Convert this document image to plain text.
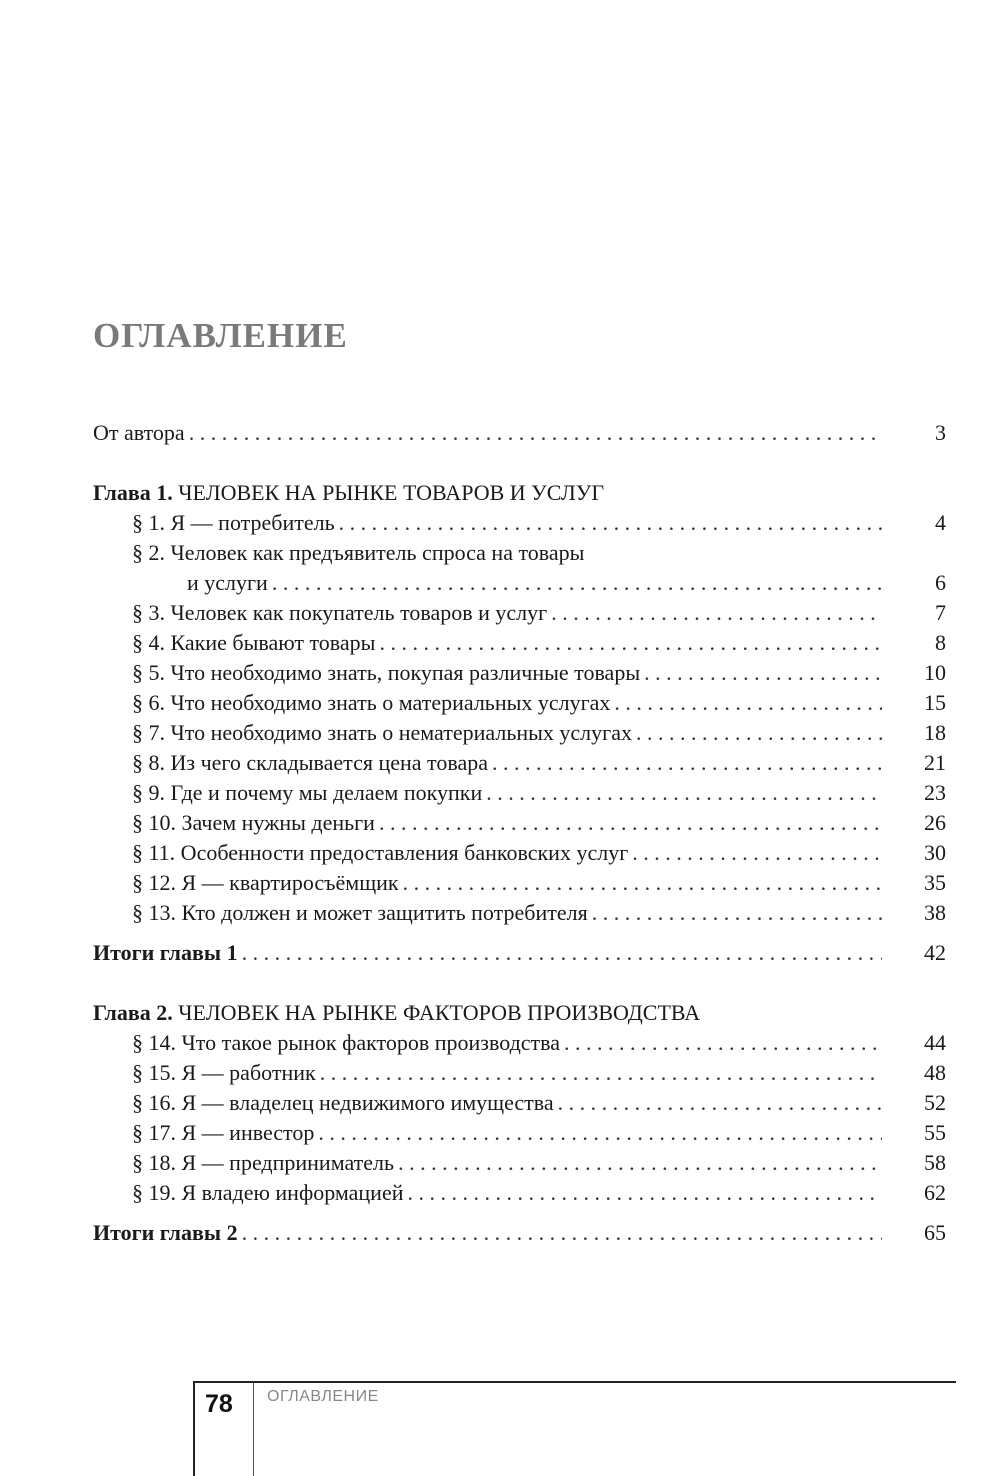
ОГЛАВЛЕНИЕ
От автора . . .	3
Глава 1. ЧЕЛОВЕК НА РЫНКЕ ТОВАРОВ И УСЛУГ
§ 1. Я — потребитель . . .	4
§ 2. Человек как предъявитель спроса на товары
и услуги . . .	6
§ 3. Человек как покупатель товаров и услуг . . .	7
§ 4. Какие бывают товары . . .	8
§ 5. Что необходимо знать, покупая различные товары . . .	10
§ 6. Что необходимо знать о материальных услугах . . .	15
§ 7. Что необходимо знать о нематериальных услугах . . .	18
§ 8. Из чего складывается цена товара . . .	21
§ 9. Где и почему мы делаем покупки . . .	23
§ 10. Зачем нужны деньги . . .	26
§ 11. Особенности предоставления банковских услуг . . .	30
§ 12. Я — квартиросъёмщик . . .	35
§ 13. Кто должен и может защитить потребителя . . .	38
Итоги главы 1 . . .	42
Глава 2. ЧЕЛОВЕК НА РЫНКЕ ФАКТОРОВ ПРОИЗВОДСТВА
§ 14. Что такое рынок факторов производства . . .	44
§ 15. Я — работник . . .	48
§ 16. Я — владелец недвижимого имущества . . .	52
§ 17. Я — инвестор . . .	55
§ 18. Я — предприниматель . . .	58
§ 19. Я владею информацией . . .	62
Итоги главы 2 . . .	65
78 ОГЛАВЛЕНИЕ
